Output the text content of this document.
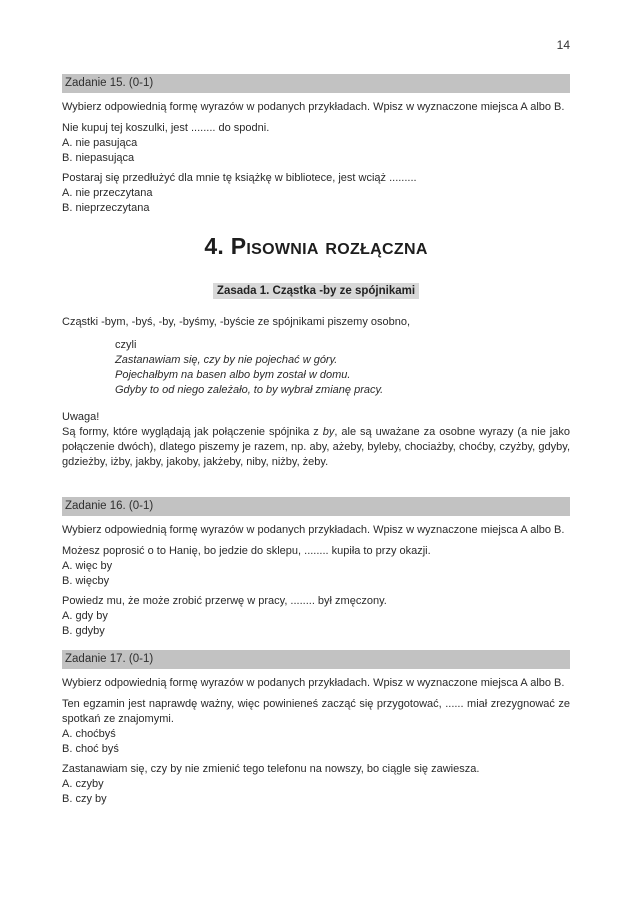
14
Zadanie 15. (0-1)
Wybierz odpowiednią formę wyrazów w podanych przykładach. Wpisz w wyznaczone miejsca A albo B.
Nie kupuj tej koszulki, jest ........ do spodni.
A. nie pasująca
B. niepasująca
Postaraj się przedłużyć dla mnie tę książkę w bibliotece, jest wciąż .........
A. nie przeczytana
B. nieprzeczytana
4. Pisownia rozłączna
Zasada 1. Cząstka -by ze spójnikami
Cząstki -bym, -byś, -by, -byśmy, -byście ze spójnikami piszemy osobno,
czyli
Zastanawiam się, czy by nie pojechać w góry.
Pojechałbym na basen albo bym został w domu.
Gdyby to od niego zależało, to by wybrał zmianę pracy.
Uwaga!
Są formy, które wyglądają jak połączenie spójnika z by, ale są uważane za osobne wyrazy (a nie jako połączenie dwóch), dlatego piszemy je razem, np. aby, ażeby, byleby, chociażby, choćby, czyżby, gdyby, gdzieżby, iżby, jakby, jakoby, jakżeby, niby, niżby, żeby.
Zadanie 16. (0-1)
Wybierz odpowiednią formę wyrazów w podanych przykładach. Wpisz w wyznaczone miejsca A albo B.
Możesz poprosić o to Hanię, bo jedzie do sklepu, ........ kupiła to przy okazji.
A. więc by
B. więcby
Powiedz mu, że może zrobić przerwę w pracy, ........ był zmęczony.
A. gdy by
B. gdyby
Zadanie 17. (0-1)
Wybierz odpowiednią formę wyrazów w podanych przykładach. Wpisz w wyznaczone miejsca A albo B.
Ten egzamin jest naprawdę ważny, więc powinieneś zacząć się przygotować, ...... miał zrezygnować ze spotkań ze znajomymi.
A. choćbyś
B. choć byś
Zastanawiam się, czy by nie zmienić tego telefonu na nowszy, bo ciągle się zawiesza.
A. czyby
B. czy by
